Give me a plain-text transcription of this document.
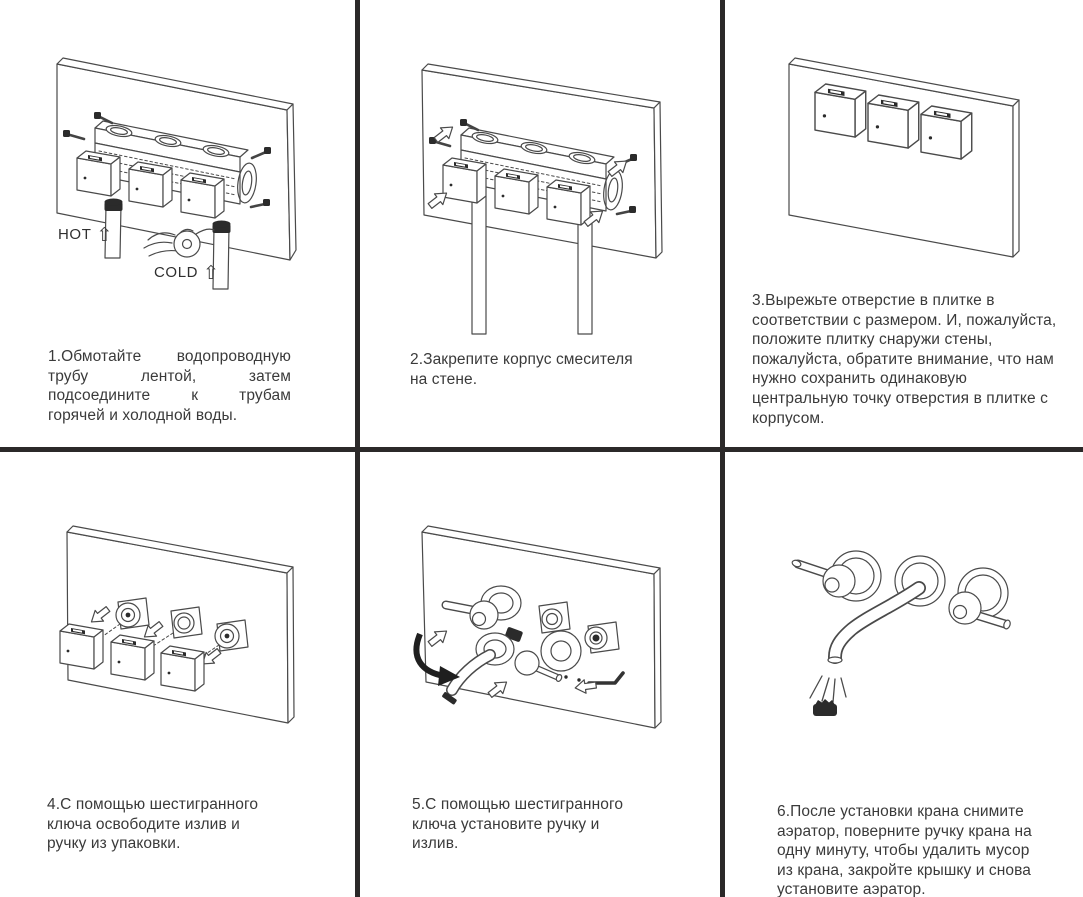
HOT ⇧
COLD ⇧
1.Обмотайте водопроводную
трубу лентой, затем
подсоедините к трубам
горячей и холодной воды.
2.Закрепите корпус смесителя
на стене.
3.Вырежьте отверстие в плитке в
соответствии с размером. И, пожалуйста,
положите плитку снаружи стены,
пожалуйста, обратите внимание, что нам
нужно сохранить одинаковую
центральную точку отверстия в плитке с
корпусом.
4.С помощью шестигранного
ключа освободите излив и
ручку из упаковки.
5.С помощью шестигранного
ключа установите ручку и
излив.
6.После установки крана снимите
аэратор, поверните ручку крана на
одну минуту, чтобы удалить мусор
из крана, закройте крышку и снова
установите аэратор.
